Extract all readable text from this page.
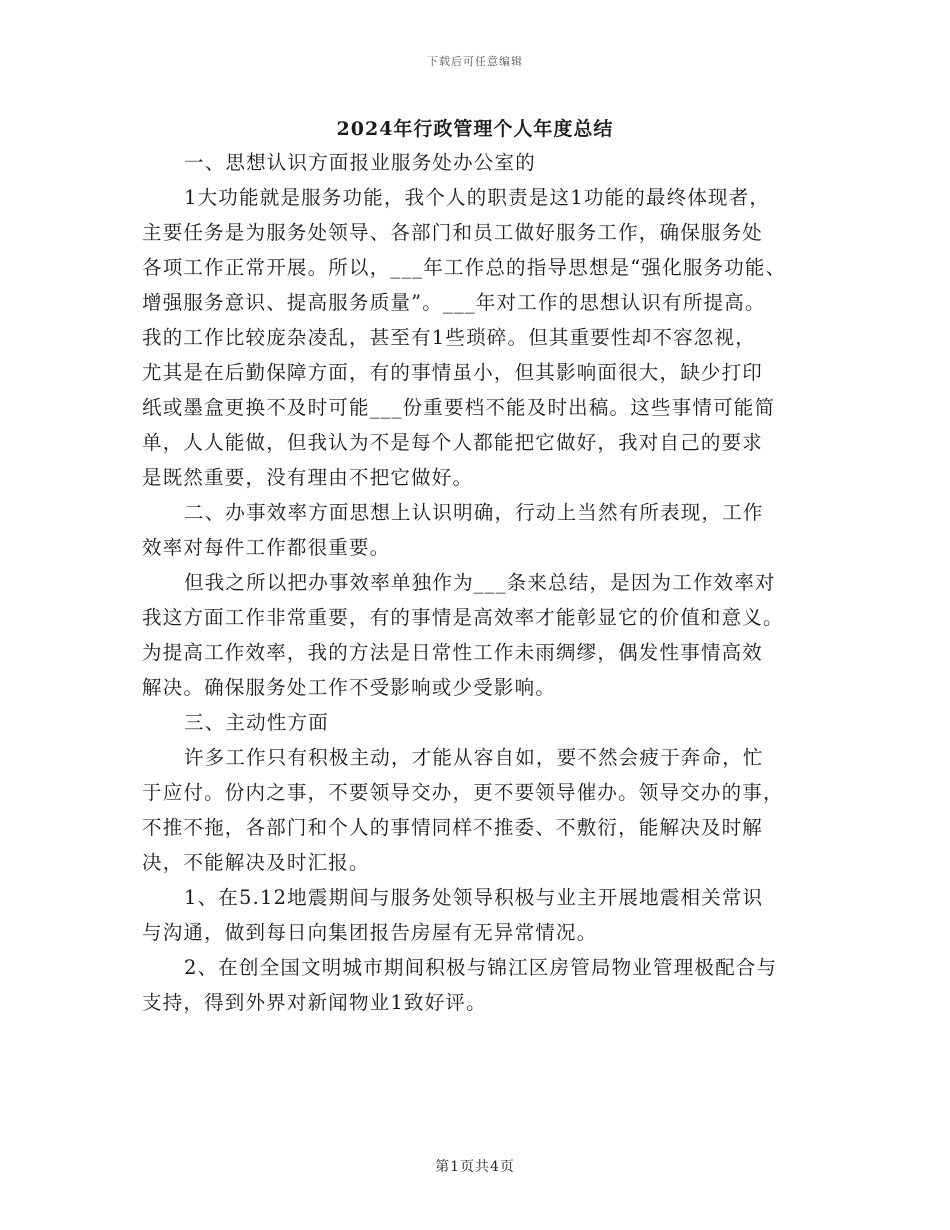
下载后可任意编辑
2024年行政管理个人年度总结
一、思想认识方面报业服务处办公室的
1大功能就是服务功能，我个人的职责是这1功能的最终体现者，
主要任务是为服务处领导、各部门和员工做好服务工作，确保服务处
各项工作正常开展。所以，___年工作总的指导思想是“强化服务功能、
增强服务意识、提高服务质量”。___年对工作的思想认识有所提高。
我的工作比较庞杂凌乱，甚至有1些琐碎。但其重要性却不容忽视，
尤其是在后勤保障方面，有的事情虽小，但其影响面很大，缺少打印
纸或墨盒更换不及时可能___份重要档不能及时出稿。这些事情可能简
单，人人能做，但我认为不是每个人都能把它做好，我对自己的要求
是既然重要，没有理由不把它做好。
二、办事效率方面思想上认识明确，行动上当然有所表现，工作
效率对每件工作都很重要。
但我之所以把办事效率单独作为___条来总结，是因为工作效率对
我这方面工作非常重要，有的事情是高效率才能彰显它的价值和意义。
为提高工作效率，我的方法是日常性工作未雨绸缪，偶发性事情高效
解决。确保服务处工作不受影响或少受影响。
三、主动性方面
许多工作只有积极主动，才能从容自如，要不然会疲于奔命，忙
于应付。份内之事，不要领导交办，更不要领导催办。领导交办的事，
不推不拖，各部门和个人的事情同样不推委、不敷衍，能解决及时解
决，不能解决及时汇报。
1、在5.12地震期间与服务处领导积极与业主开展地震相关常识
与沟通，做到每日向集团报告房屋有无异常情况。
2、在创全国文明城市期间积极与锦江区房管局物业管理极配合与
支持，得到外界对新闻物业1致好评。
第1页共4页
